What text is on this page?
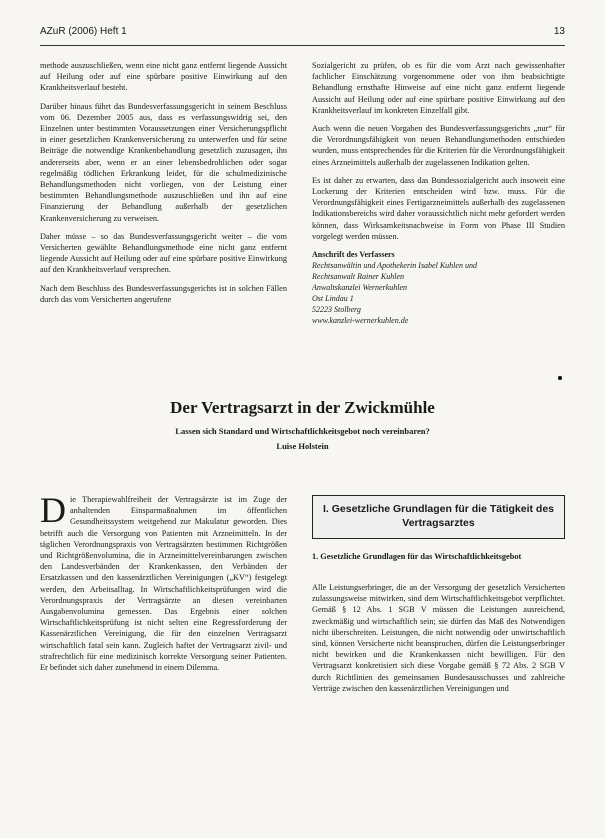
AZuR (2006) Heft 1	13

methode auszuschließen, wenn eine nicht ganz entfernt liegende Aussicht auf Heilung oder auf eine spürbare positive Einwirkung auf den Krankheitsverlauf besteht.

Darüber hinaus führt das Bundesverfassungsgericht in seinem Beschluss vom 06. Dezember 2005 aus, dass es verfassungswidrig sei, den Einzelnen unter bestimmten Voraussetzungen einer Versicherungspflicht in einer gesetzlichen Krankenversicherung zu unterwerfen und für seine Beiträge die notwendige Krankenbehandlung gesetzlich zuzusagen, ihn andererseits aber, wenn er an einer lebensbedrohlichen oder sogar regelmäßig tödlichen Erkrankung leidet, für die schulmedizinische Behandlungsmethoden nicht vorliegen, von der Leistung einer bestimmten Behandlungsmethode auszuschließen und ihn auf eine Finanzierung der Behandlung außerhalb der gesetzlichen Krankenversicherung zu verweisen.

Daher müsse – so das Bundesverfassungsgericht weiter – die vom Versicherten gewählte Behandlungsmethode eine nicht ganz entfernt liegende Aussicht auf Heilung oder auf eine spürbare positive Einwirkung auf den Krankheitsverlauf versprechen.

Nach dem Beschluss des Bundesverfassungsgerichts ist in solchen Fällen durch das vom Versicherten angerufene

Sozialgericht zu prüfen, ob es für die vom Arzt nach gewissenhafter fachlicher Einschätzung vorgenommene oder von ihm beabsichtigte Behandlung ernsthafte Hinweise auf eine nicht ganz entfernt liegende Aussicht auf Heilung oder auf eine spürbare positive Einwirkung auf den Krankheitsverlauf im konkreten Einzelfall gibt.

Auch wenn die neuen Vorgaben des Bundesverfassungsgerichts „nur“ für die Verordnungsfähigkeit von neuen Behandlungsmethoden entschieden wurden, muss entsprechendes für die Kriterien für die Verordnungsfähigkeit eines Arzneimittels außerhalb der zugelassenen Indikation gelten.

Es ist daher zu erwarten, dass das Bundessozialgericht auch insoweit eine Lockerung der Kriterien entscheiden wird bzw. muss. Für die Verordnungsfähigkeit eines Fertigarzneimittels außerhalb des zugelassenen Indikationsbereichs wird daher voraussichtlich nicht mehr gefordert werden können, dass Wirksamkeitsnachweise in Form von Phase III Studien vorgelegt werden müssen.

Anschrift des Verfassers
Rechtsanwältin und Apothekerin Isabel Kuhlen und
Rechtsanwalt Rainer Kuhlen
Anwaltskanzlei Wernerkuhlen
Ost Lindau 1
52223 Stolberg
www.kanzlei-wernerkuhlen.de
Der Vertragsarzt in der Zwickmühle
Lassen sich Standard und Wirtschaftlichkeitsgebot noch vereinbaren?
Luise Holstein
D ie Therapiewahlfreiheit der Vertragsärzte ist im Zuge der anhaltenden Einsparmaßnahmen im öffentlichen Gesundheitssystem weitgehend zur Makulatur geworden. Dies betrifft auch die Versorgung von Patienten mit Arzneimitteln. In der täglichen Verordnungspraxis von Vertragsärzten bestimmen Richtgrößen und Richtgrößenvolumina, die in Arzneimittelvereinbarungen zwischen den Landesverbänden der Krankenkassen, den Verbänden der Ersatzkassen und den kassenärztlichen Vereinigungen („KV“) festgelegt werden, den Arbeitsalltag. In Wirtschaftlichkeitsprüfungen wird die Verordnungspraxis der Vertragsärzte an diesen vereinbarten Ausgabenvolumina gemessen. Das Ergebnis einer solchen Wirtschaftlichkeitsprüfung ist nicht selten eine Regressforderung der Kassenärztlichen Vereinigung, die für den einzelnen Vertragsarzt wirtschaftlich fatal sein kann. Zugleich haftet der Vertragsarzt zivil- und strafrechtlich für eine medizinisch korrekte Versorgung seiner Patienten. Er befindet sich daher zunehmend in einem Dilemma.
I. Gesetzliche Grundlagen für die Tätigkeit des Vertragsarztes
1. Gesetzliche Grundlagen für das Wirtschaftlichkeitsgebot

Alle Leistungserbringer, die an der Versorgung der gesetzlich Versicherten zulassungsweise mitwirken, sind dem Wirtschaftlichkeitsgebot verpflichtet. Gemäß § 12 Abs. 1 SGB V müssen die Leistungen ausreichend, zweckmäßig und wirtschaftlich sein; sie dürfen das Maß des Notwendigen nicht überschreiten. Leistungen, die nicht notwendig oder unwirtschaftlich sind, können Versicherte nicht beanspruchen, dürfen die Leistungserbringer nicht bewirken und die Krankenkassen nicht bewilligen. Für den Vertragsarzt konkretisiert sich diese Vorgabe gemäß § 72 Abs. 2 SGB V durch Richtlinien des gemeinsamen Bundesausschusses und zahlreiche Verträge zwischen den kassenärztlichen Vereinigungen und
